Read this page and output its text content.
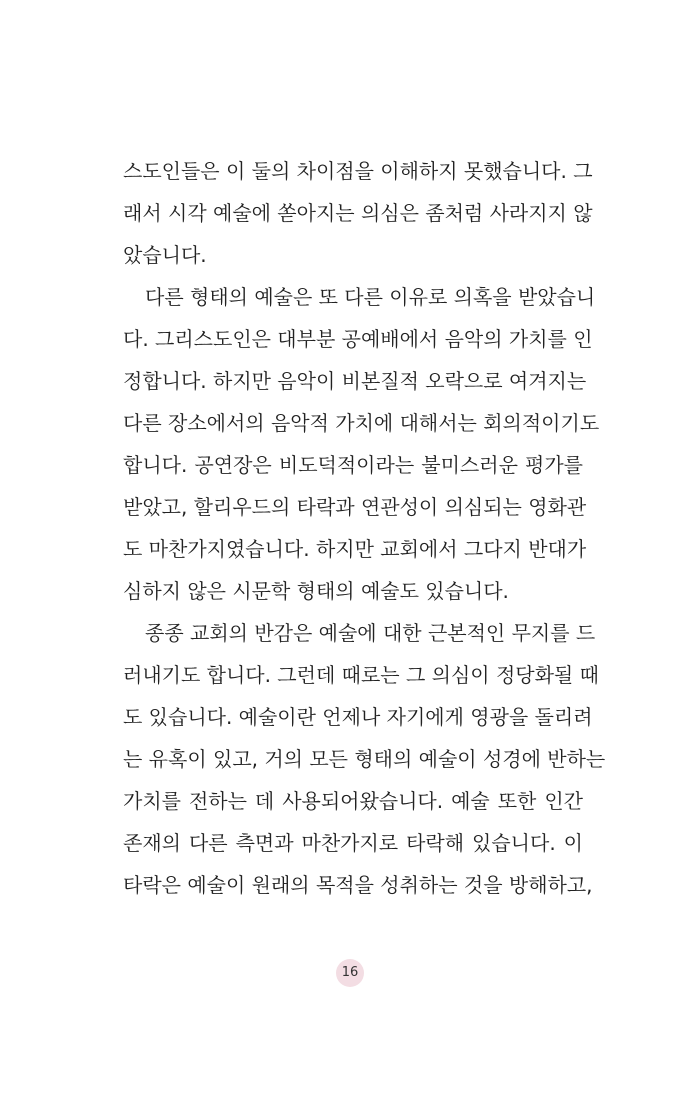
스도인들은 이 둘의 차이점을 이해하지 못했습니다. 그
래서 시각 예술에 쏟아지는 의심은 좀처럼 사라지지 않
았습니다.
다른 형태의 예술은 또 다른 이유로 의혹을 받았습니
다. 그리스도인은 대부분 공예배에서 음악의 가치를 인
정합니다. 하지만 음악이 비본질적 오락으로 여겨지는
다른 장소에서의 음악적 가치에 대해서는 회의적이기도
합니다. 공연장은 비도덕적이라는 불미스러운 평가를
받았고, 할리우드의 타락과 연관성이 의심되는 영화관
도 마찬가지였습니다. 하지만 교회에서 그다지 반대가
심하지 않은 시문학 형태의 예술도 있습니다.
종종 교회의 반감은 예술에 대한 근본적인 무지를 드
러내기도 합니다. 그런데 때로는 그 의심이 정당화될 때
도 있습니다. 예술이란 언제나 자기에게 영광을 돌리려
는 유혹이 있고, 거의 모든 형태의 예술이 성경에 반하는
가치를 전하는 데 사용되어왔습니다. 예술 또한 인간
존재의 다른 측면과 마찬가지로 타락해 있습니다. 이
타락은 예술이 원래의 목적을 성취하는 것을 방해하고,
16
